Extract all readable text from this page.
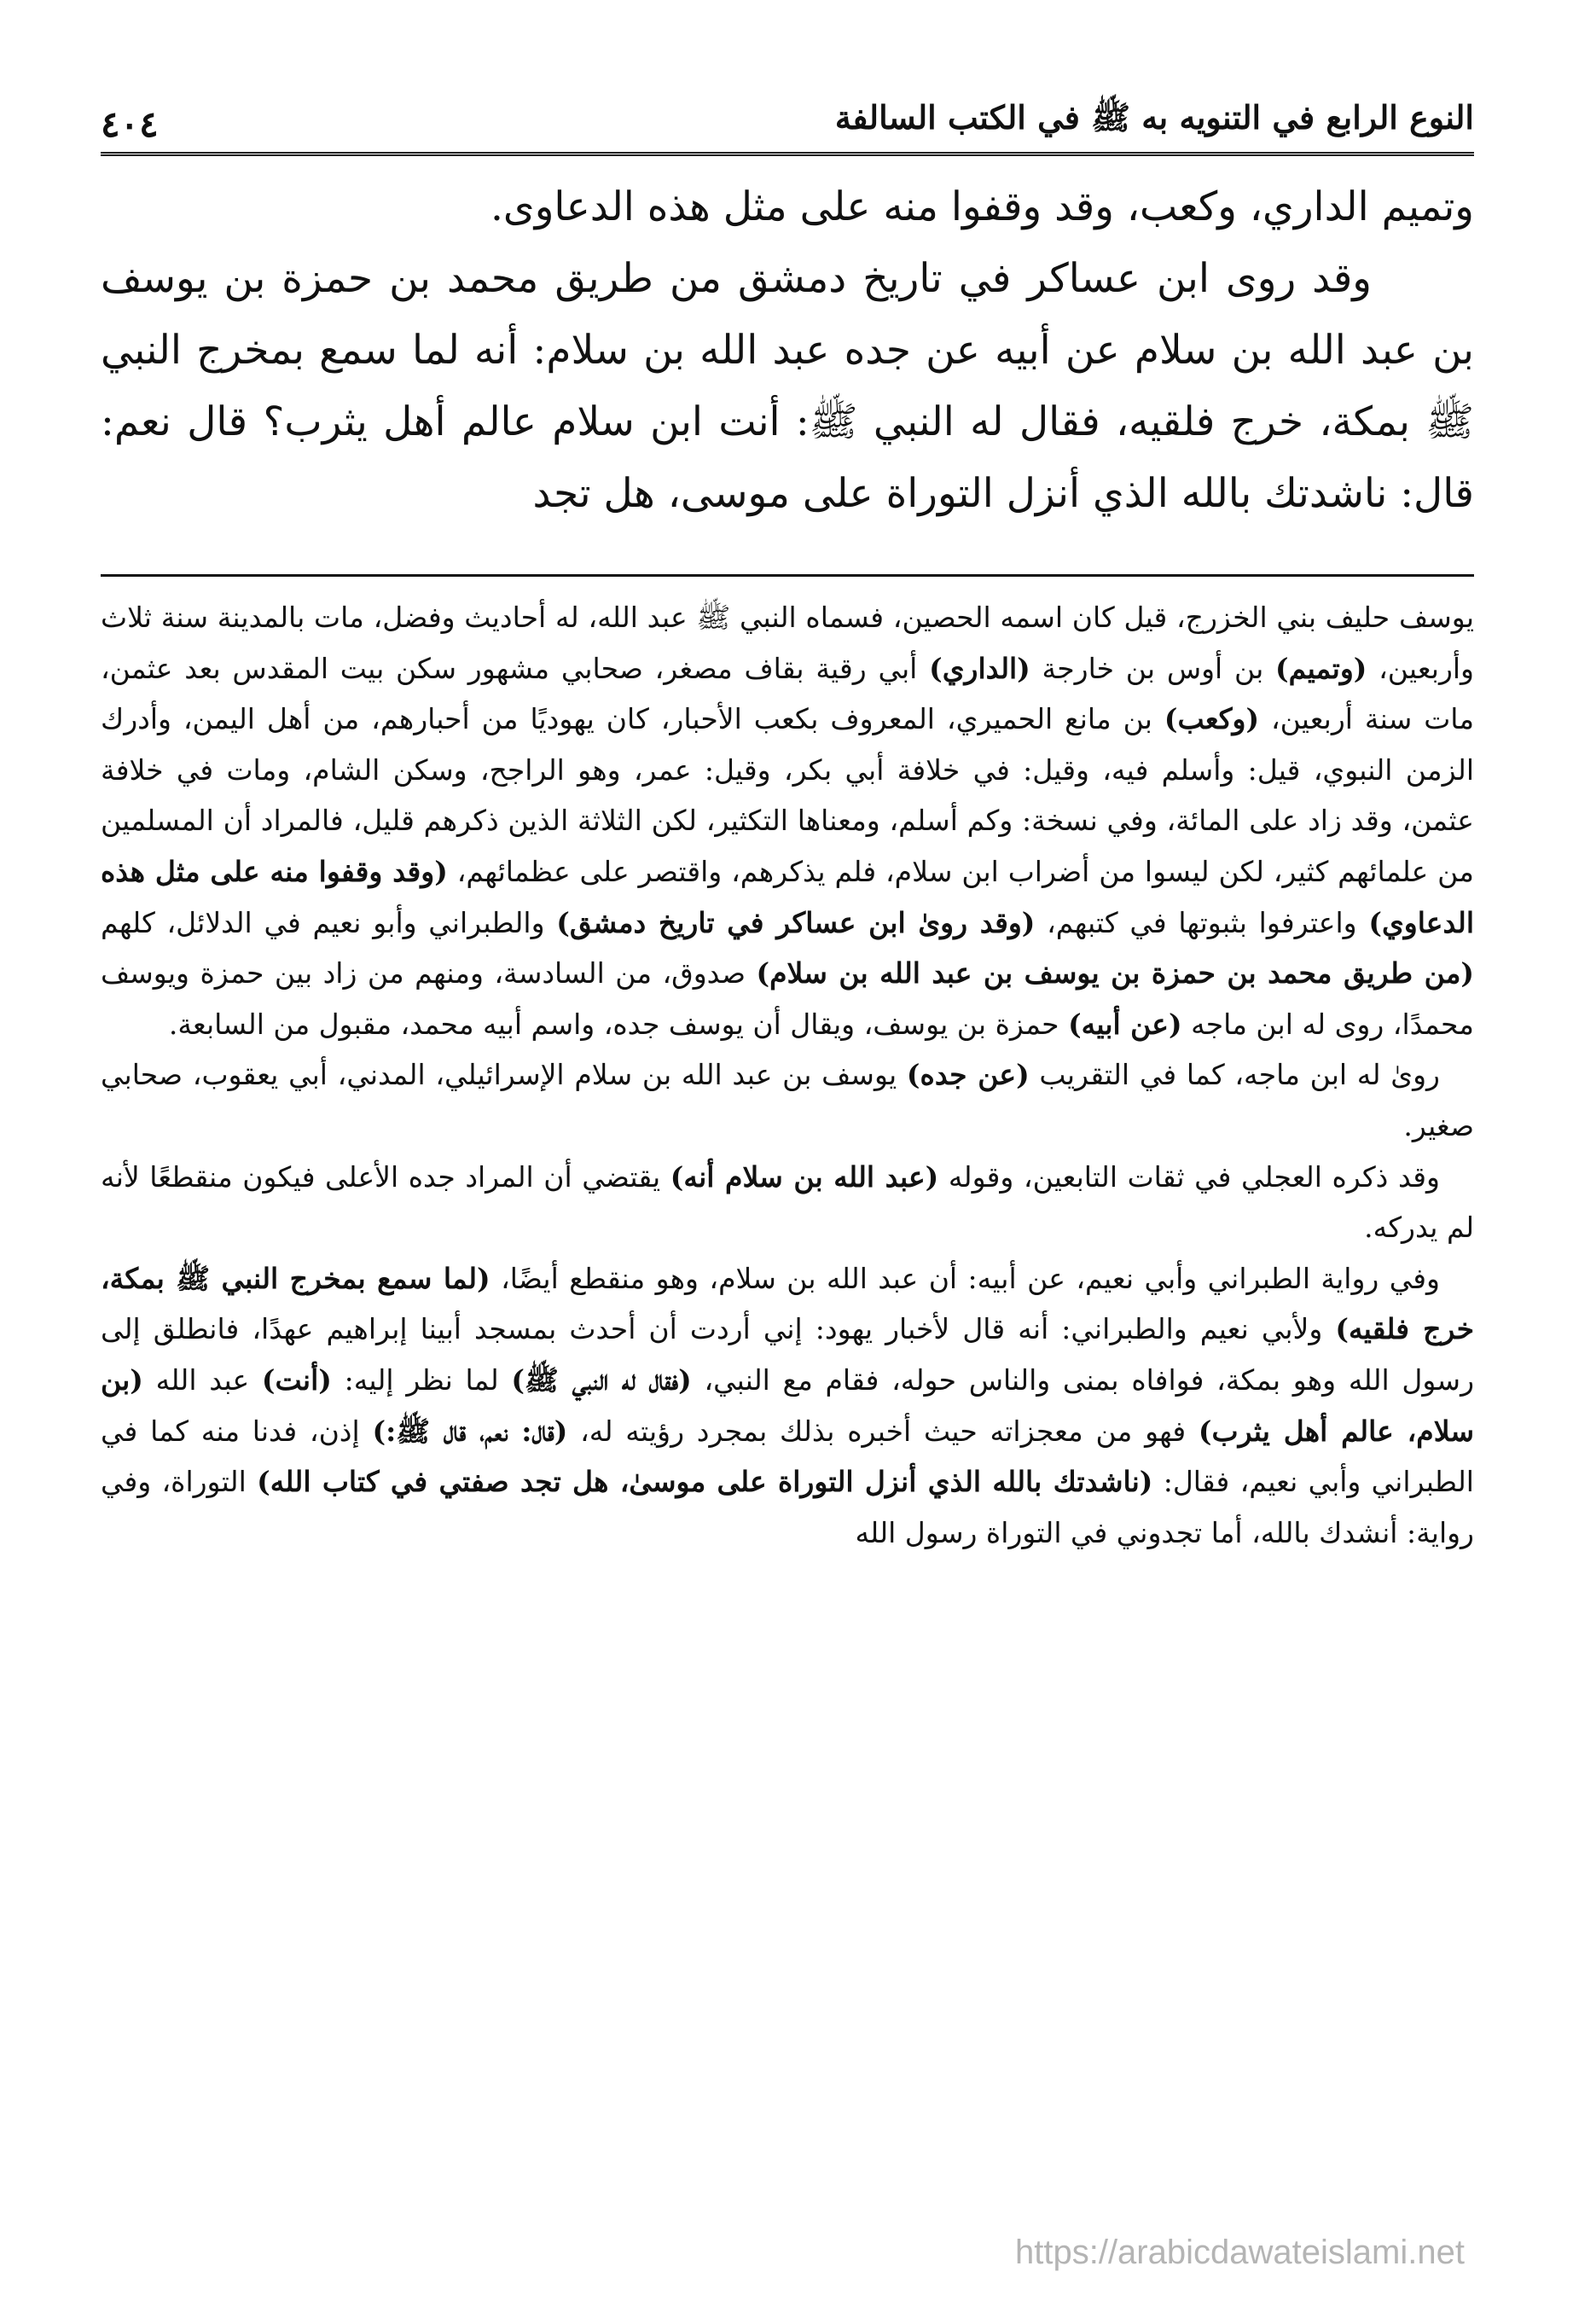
النوع الرابع في التنويه به ﷺ في الكتب السالفة
٤٠٤

وتميم الداري، وكعب، وقد وقفوا منه على مثل هذه الدعاوى.

وقد روى ابن عساكر في تاريخ دمشق من طريق محمد بن حمزة بن يوسف بن عبد الله بن سلام عن أبيه عن جده عبد الله بن سلام: أنه لما سمع بمخرج النبي ﷺ بمكة، خرج فلقيه، فقال له النبي ﷺ: أنت ابن سلام عالم أهل يثرب؟ قال نعم: قال: ناشدتك بالله الذي أنزل التوراة على موسى، هل تجد

يوسف حليف بني الخزرج، قيل كان اسمه الحصين، فسماه النبي ﷺ عبد الله، له أحاديث وفضل، مات بالمدينة سنة ثلاث وأربعين، (وتميم) بن أوس بن خارجة (الداري) أبي رقية بقاف مصغر، صحابي مشهور سكن بيت المقدس بعد عثمن، مات سنة أربعين، (وكعب) بن مانع الحميري، المعروف بكعب الأحبار، كان يهوديًا من أحبارهم، من أهل اليمن، وأدرك الزمن النبوي، قيل: وأسلم فيه، وقيل: في خلافة أبي بكر، وقيل: عمر، وهو الراجح، وسكن الشام، ومات في خلافة عثمن، وقد زاد على المائة، وفي نسخة: وكم أسلم، ومعناها التكثير، لكن الثلاثة الذين ذكرهم قليل، فالمراد أن المسلمين من علمائهم كثير، لكن ليسوا من أضراب ابن سلام، فلم يذكرهم، واقتصر على عظمائهم، (وقد وقفوا منه على مثل هذه الدعاوي) واعترفوا بثبوتها في كتبهم، (وقد روىٰ ابن عساكر في تاريخ دمشق) والطبراني وأبو نعيم في الدلائل، كلهم (من طريق محمد بن حمزة بن يوسف بن عبد الله بن سلام) صدوق، من السادسة، ومنهم من زاد بين حمزة ويوسف محمدًا، روى له ابن ماجه (عن أبيه) حمزة بن يوسف، ويقال أن يوسف جده، واسم أبيه محمد، مقبول من السابعة.

روىٰ له ابن ماجه، كما في التقريب (عن جده) يوسف بن عبد الله بن سلام الإسرائيلي، المدني، أبي يعقوب، صحابي صغير.

وقد ذكره العجلي في ثقات التابعين، وقوله (عبد الله بن سلام أنه) يقتضي أن المراد جده الأعلى فيكون منقطعًا لأنه لم يدركه.

وفي رواية الطبراني وأبي نعيم، عن أبيه: أن عبد الله بن سلام، وهو منقطع أيضًا، (لما سمع بمخرج النبي ﷺ بمكة، خرج فلقيه) ولأبي نعيم والطبراني: أنه قال لأخبار يهود: إني أردت أن أحدث بمسجد أبينا إبراهيم عهدًا، فانطلق إلى رسول الله وهو بمكة، فوافاه بمنى والناس حوله، فقام مع النبي، (فقال له النبي ﷺ) لما نظر إليه: (أنت) عبد الله (بن سلام، عالم أهل يثرب) فهو من معجزاته حيث أخبره بذلك بمجرد رؤيته له، (قال: نعم، قال ﷺ:) إذن، فدنا منه كما في الطبراني وأبي نعيم، فقال: (ناشدتك بالله الذي أنزل التوراة على موسىٰ، هل تجد صفتي في كتاب الله) التوراة، وفي رواية: أنشدك بالله، أما تجدوني في التوراة رسول الله

https://arabicdawateislami.net
